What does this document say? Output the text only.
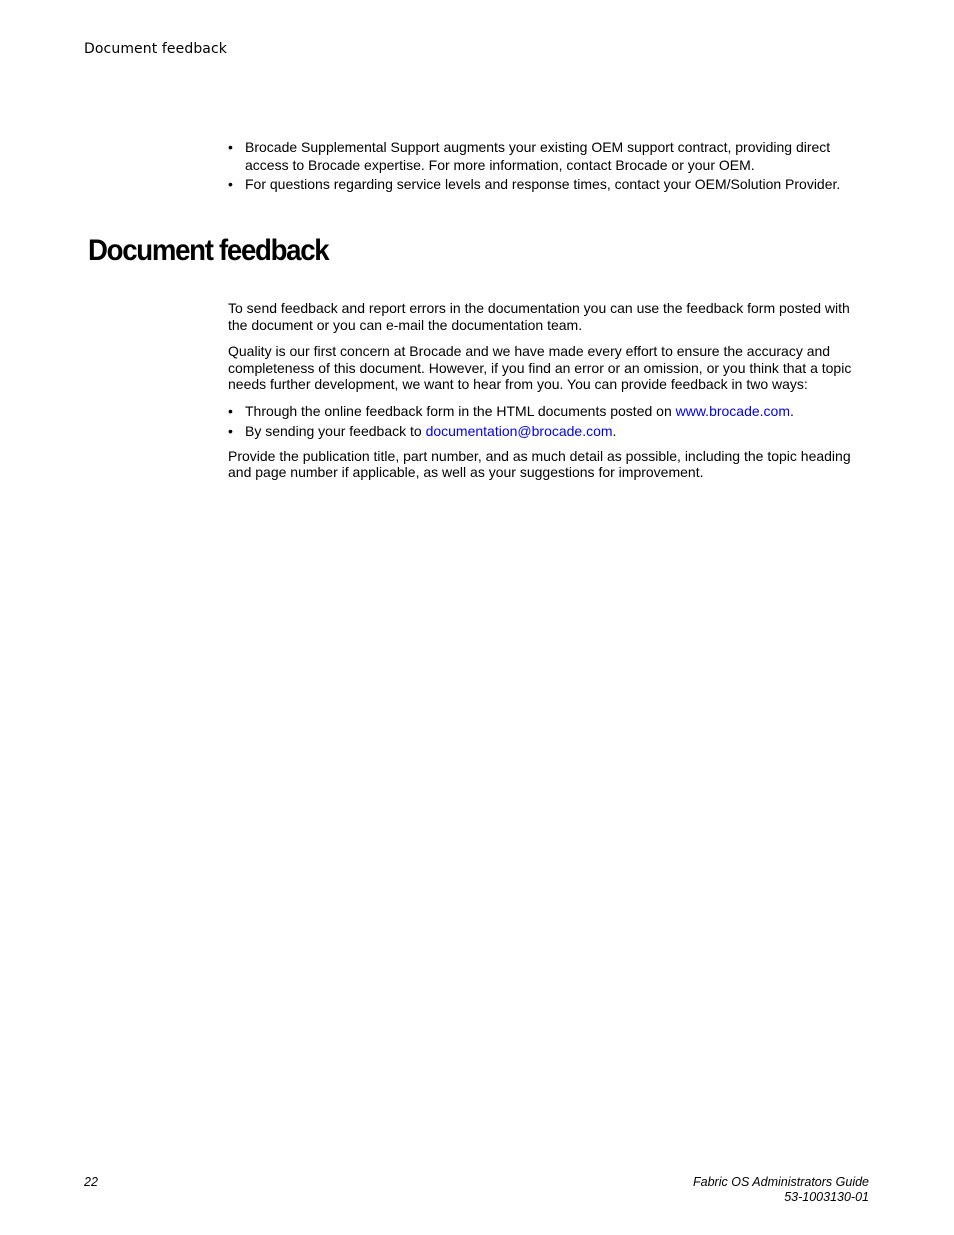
Document feedback
• Brocade Supplemental Support augments your existing OEM support contract, providing direct access to Brocade expertise. For more information, contact Brocade or your OEM.
• For questions regarding service levels and response times, contact your OEM/Solution Provider.
Document feedback

To send feedback and report errors in the documentation you can use the feedback form posted with the document or you can e-mail the documentation team.

Quality is our first concern at Brocade and we have made every effort to ensure the accuracy and completeness of this document. However, if you find an error or an omission, or you think that a topic needs further development, we want to hear from you. You can provide feedback in two ways:

• Through the online feedback form in the HTML documents posted on www.brocade.com.
• By sending your feedback to documentation@brocade.com.

Provide the publication title, part number, and as much detail as possible, including the topic heading and page number if applicable, as well as your suggestions for improvement.

22	Fabric OS Administrators Guide
53-1003130-01
